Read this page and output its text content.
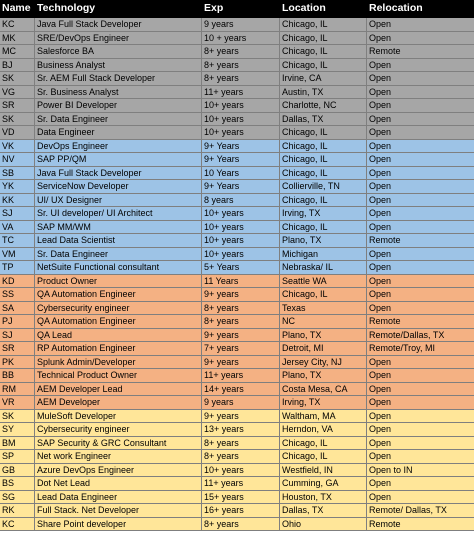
Name Technology	Exp	Location	Relocation
KC	Java Full Stack Developer	9 years	Chicago, IL	Open
MK	SRE/DevOps Engineer	10 + years	Chicago, IL	Open
MC	Salesforce BA	8+ years	Chicago, IL	Remote
BJ	Business Analyst	8+ years	Chicago, IL	Open
SK	Sr. AEM Full Stack Developer	8+ years	Irvine, CA	Open
VG	Sr. Business Analyst	11+ years	Austin, TX	Open
SR	Power BI Developer	10+ years	Charlotte, NC	Open
SK	Sr. Data Engineer	10+ years	Dallas, TX	Open
VD	Data Engineer	10+ years	Chicago, IL	Open
VK	DevOps Engineer	9+ Years	Chicago, IL	Open
NV	SAP PP/QM	9+ Years	Chicago, IL	Open
SB	Java Full Stack Developer	10 Years	Chicago, IL	Open
YK	ServiceNow Developer	9+ Years	Collierville, TN	Open
KK	UI/ UX Designer	8 years	Chicago, IL	Open
SJ	Sr. UI developer/ UI Architect	10+ years	Irving, TX	Open
VA	SAP MM/WM	10+ years	Chicago, IL	Open
TC	Lead Data Scientist	10+ years	Plano, TX	Remote
VM	Sr. Data Engineer	10+ years	Michigan	Open
TP	NetSuite Functional consultant	5+ Years	Nebraska/ IL	Open
KD	Product Owner	11 Years	Seattle WA	Open
SS	QA Automation Engineer	9+ years	Chicago, IL	Open
SA	Cybersecurity engineer	8+ years	Texas	Open
PJ	QA Automation Engineer	8+ years	NC	Remote
SJ	QA Lead	9+ years	Plano, TX	Remote/Dallas, TX
SR	RP Automation Engineer	7+ years	Detroit, MI	Remote/Troy, MI
PK	Splunk Admin/Developer	9+ years	Jersey City, NJ	Open
BB	Technical Product Owner	11+ years	Plano, TX	Open
RM	AEM Developer Lead	14+ years	Costa Mesa, CA	Open
VR	AEM Developer	9 years	Irving, TX	Open
SK	MuleSoft Developer	9+ years	Waltham, MA	Open
SY	Cybersecurity engineer	13+ years	Herndon, VA	Open
BM	SAP Security & GRC Consultant	8+ years	Chicago, IL	Open
SP	Net work Engineer	8+ years	Chicago, IL	Open
GB	Azure DevOps Engineer	10+ years	Westfield, IN	Open to IN
BS	Dot Net Lead	11+ years	Cumming, GA	Open
SG	Lead Data Engineer	15+ years	Houston, TX	Open
RK	Full Stack. Net Developer	16+ years	Dallas, TX	Remote/ Dallas, TX
KC	Share Point developer	8+ years	Ohio	Remote
